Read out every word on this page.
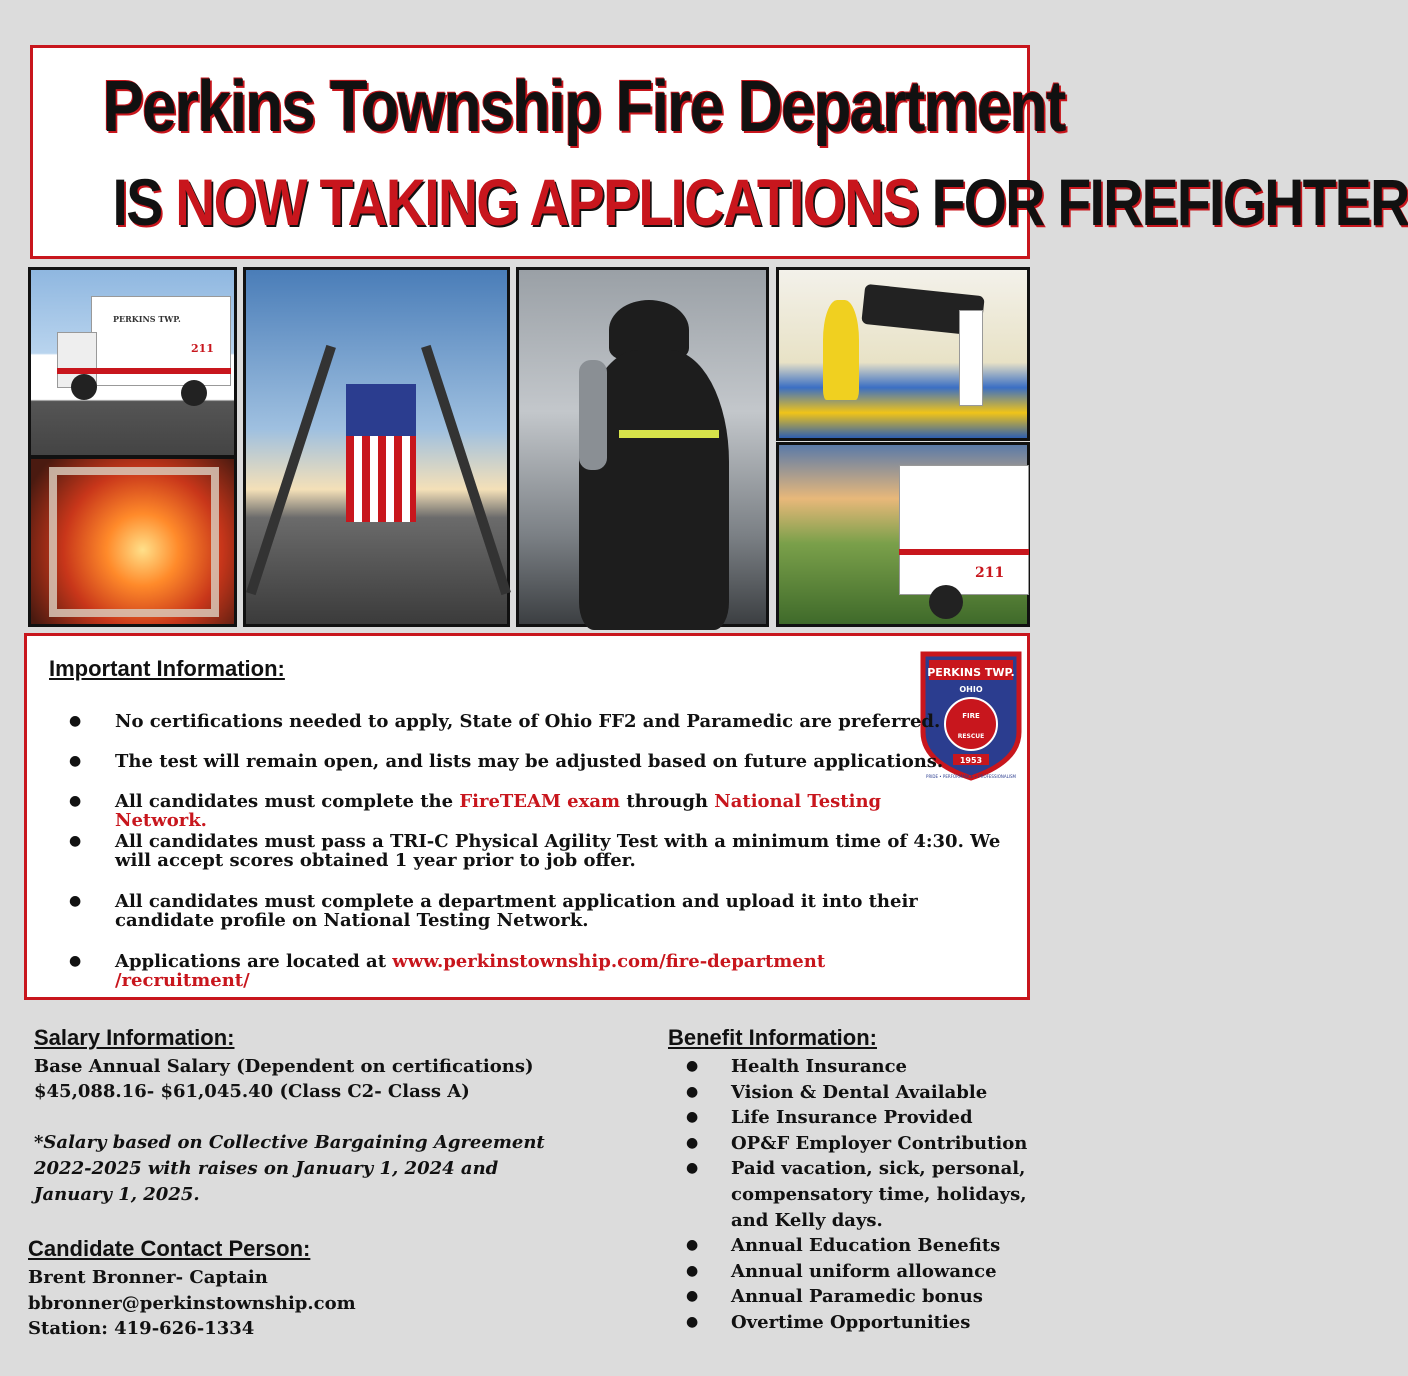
Perkins Township Fire Department
IS NOW TAKING APPLICATIONS FOR FIREFIGHTER
PERKINS TWP.
211
211
Important Information:	PERKINS TWP.
OHIO
FIRE
RESCUE
1953
PRIDE • PERFORMANCE • PROFESSIONALISM
● No certifications needed to apply, State of Ohio FF2 and Paramedic are preferred.
● The test will remain open, and lists may be adjusted based on future applications.
● All candidates must complete the FireTEAM exam through National Testing Network.
● All candidates must pass a TRI-C Physical Agility Test with a minimum time of 4:30. We will accept scores obtained 1 year prior to job offer.
● All candidates must complete a department application and upload it into their candidate profile on National Testing Network.
● Applications are located at www.perkinstownship.com/fire-department /recruitment/
Salary Information:
Base Annual Salary (Dependent on certifications)
$45,088.16- $61,045.40 (Class C2- Class A)
*Salary based on Collective Bargaining Agreement
2022-2025 with raises on January 1, 2024 and
January 1, 2025.
Candidate Contact Person:
Brent Bronner- Captain
bbronner@perkinstownship.com
Station: 419-626-1334
Benefit Information:
● Health Insurance
● Vision & Dental Available
● Life Insurance Provided
● OP&F Employer Contribution
● Paid vacation, sick, personal,
compensatory time, holidays,
and Kelly days.
● Annual Education Benefits
● Annual uniform allowance
● Annual Paramedic bonus
● Overtime Opportunities
